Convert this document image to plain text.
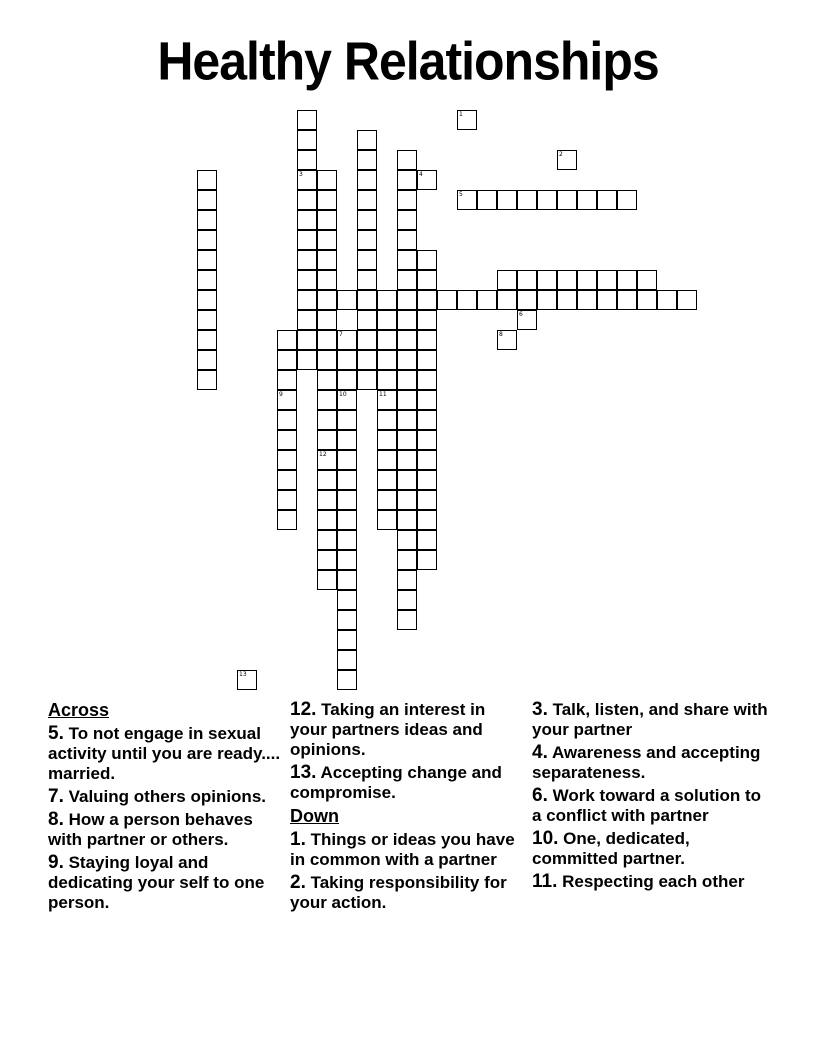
Healthy Relationships
3
12
11
9
7
10
5
1
2
4
6
8
13
Across
5. To not engage in sexual activity until you are ready.... married.
7. Valuing others opinions.
8. How a person behaves with partner or others.
9. Staying loyal and dedicating your self to one person.
12. Taking an interest in your partners ideas and opinions.
13. Accepting change and compromise.
Down
1. Things or ideas you have in common with a partner
2. Taking responsibility for your action.
3. Talk, listen, and share with your partner
4. Awareness and accepting separateness.
6. Work toward a solution to a conflict with partner
10. One, dedicated, committed partner.
11. Respecting each other
